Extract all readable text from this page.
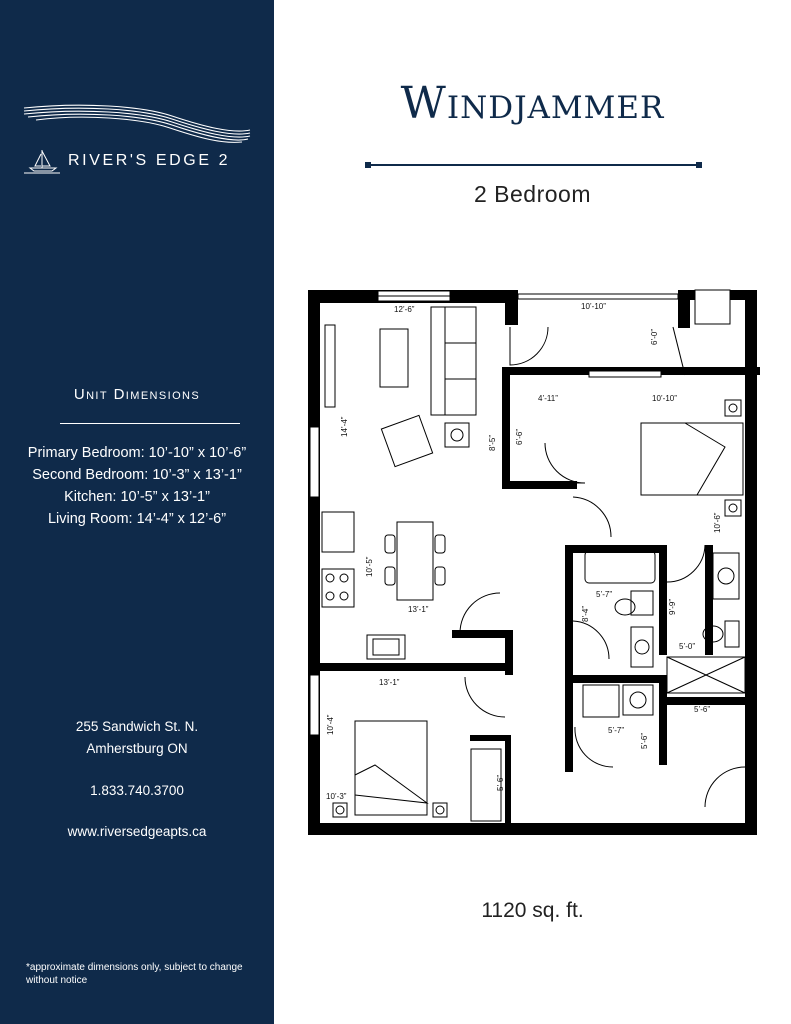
RIVER'S EDGE 2
Unit Dimensions
Primary Bedroom: 10’-10” x 10’-6”
Second Bedroom: 10’-3” x 13’-1”
Kitchen: 10’-5” x 13’-1”
Living Room: 14’-4” x 12’-6”
255 Sandwich St. N.
Amherstburg ON
1.833.740.3700
www.riversedgeapts.ca
*approximate dimensions only, subject to change without notice
Windjammer
2 Bedroom
12’-6”
14’-4”
10’-10”
6’-0”
4’-11”
6’-6”
8’-5”
10’-10”
10’-6”
10’-5”
13’-1”
5’-7”
8’-4”	9’-9”
5’-0”
5’-6”
5’-7”
5’-6”
13’-1”
10’-4”
10’-3”
5’-6”
1120 sq. ft.
